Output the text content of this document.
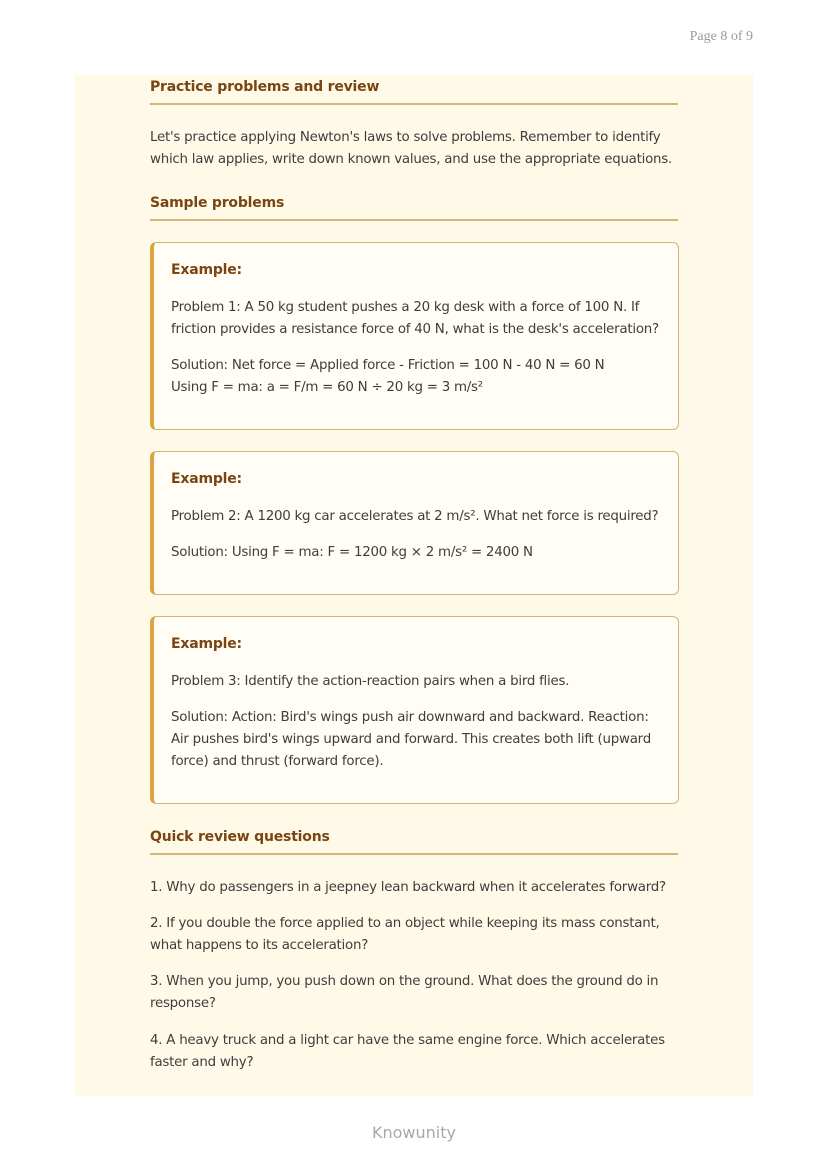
Page 8 of 9
Practice problems and review
Let's practice applying Newton's laws to solve problems. Remember to identify which law applies, write down known values, and use the appropriate equations.
Sample problems
Example:
Problem 1: A 50 kg student pushes a 20 kg desk with a force of 100 N. If friction provides a resistance force of 40 N, what is the desk's acceleration?
Solution: Net force = Applied force - Friction = 100 N - 40 N = 60 N
Using F = ma: a = F/m = 60 N ÷ 20 kg = 3 m/s²
Example:
Problem 2: A 1200 kg car accelerates at 2 m/s². What net force is required?
Solution: Using F = ma: F = 1200 kg × 2 m/s² = 2400 N
Example:
Problem 3: Identify the action-reaction pairs when a bird flies.
Solution: Action: Bird's wings push air downward and backward. Reaction: Air pushes bird's wings upward and forward. This creates both lift (upward force) and thrust (forward force).
Quick review questions
1. Why do passengers in a jeepney lean backward when it accelerates forward?
2. If you double the force applied to an object while keeping its mass constant, what happens to its acceleration?
3. When you jump, you push down on the ground. What does the ground do in response?
4. A heavy truck and a light car have the same engine force. Which accelerates faster and why?
Knowunity
